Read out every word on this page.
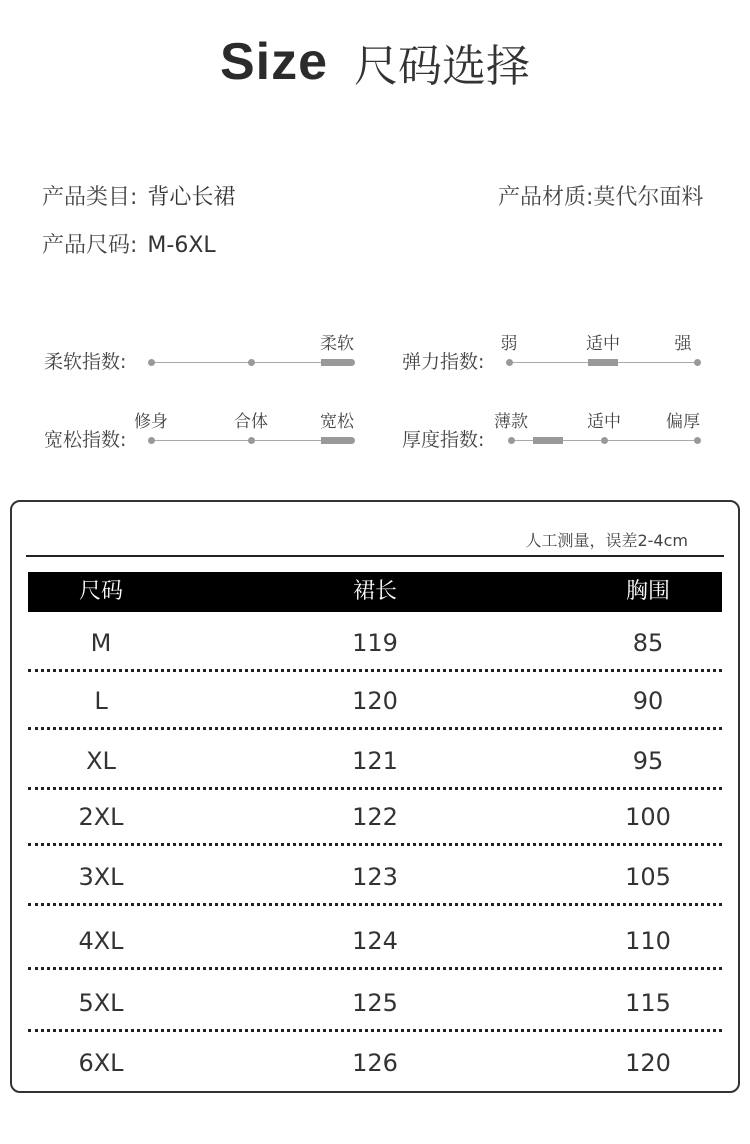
Size 尺码选择
产品类目: 背心长裙	产品材质:莫代尔面料
产品尺码: M-6XL
柔软指数:
柔软
弹力指数:
弱	适中	强
宽松指数:
修身	合体	宽松
厚度指数:
薄款	适中	偏厚
人工测量，误差2-4cm
尺码	裙长	胸围
M	119	85
L	120	90
XL	121	95
2XL	122	100
3XL	123	105
4XL	124	110
5XL	125	115
6XL	126	120
